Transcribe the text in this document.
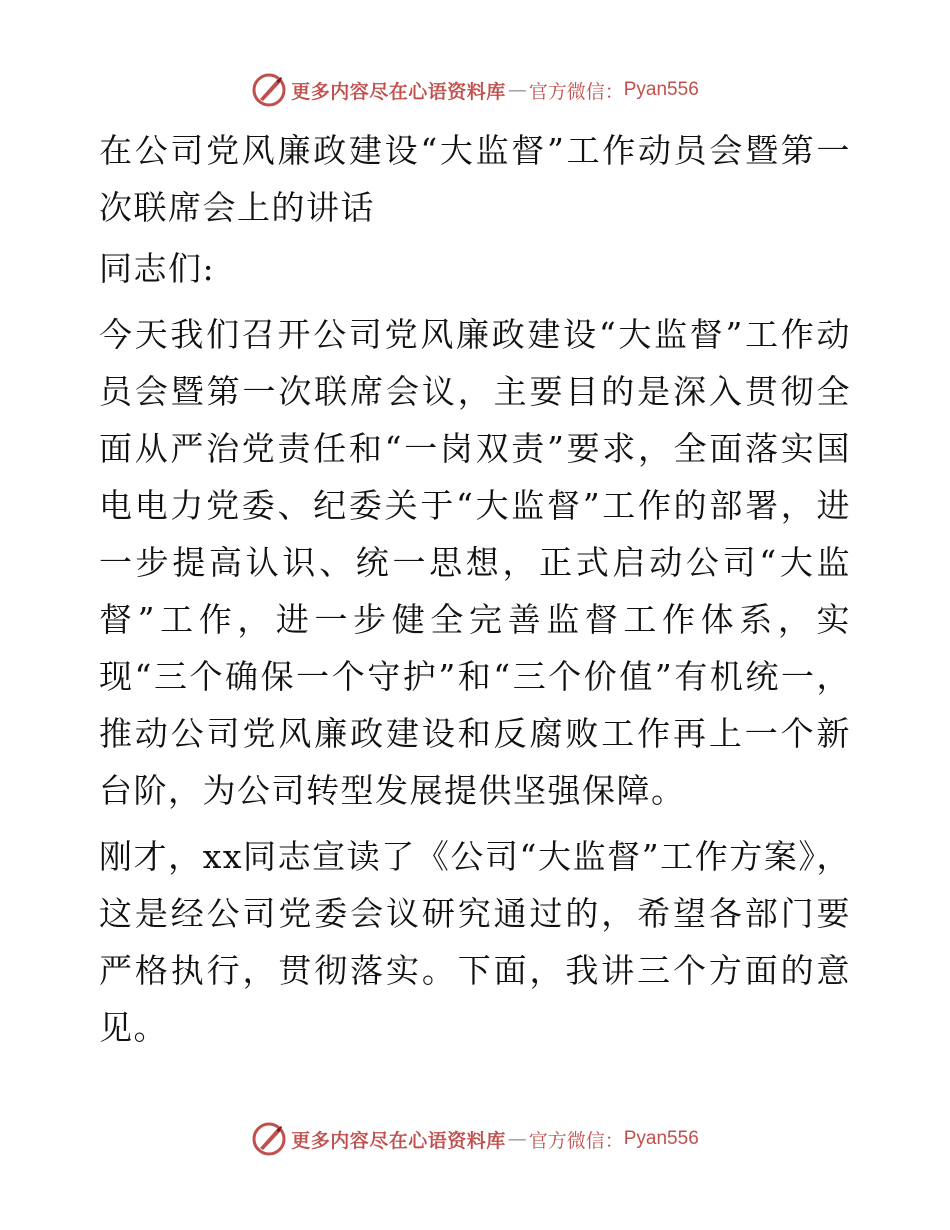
更多内容尽在心语资料库 — 官方微信： Pyan556

在公司党风廉政建设“大监督”工作动员会暨第一次联席会上的讲话

同志们:

今天我们召开公司党风廉政建设“大监督”工作动员会暨第一次联席会议，主要目的是深入贯彻全面从严治党责任和“一岗双责”要求，全面落实国电电力党委、纪委关于“大监督”工作的部署，进一步提高认识、统一思想，正式启动公司“大监督”工作，进一步健全完善监督工作体系，实现“三个确保一个守护”和“三个价值”有机统一，推动公司党风廉政建设和反腐败工作再上一个新台阶，为公司转型发展提供坚强保障。

刚才，xx同志宣读了《公司“大监督”工作方案》，这是经公司党委会议研究通过的，希望各部门要严格执行，贯彻落实。下面，我讲三个方面的意见。

更多内容尽在心语资料库 — 官方微信： Pyan556
